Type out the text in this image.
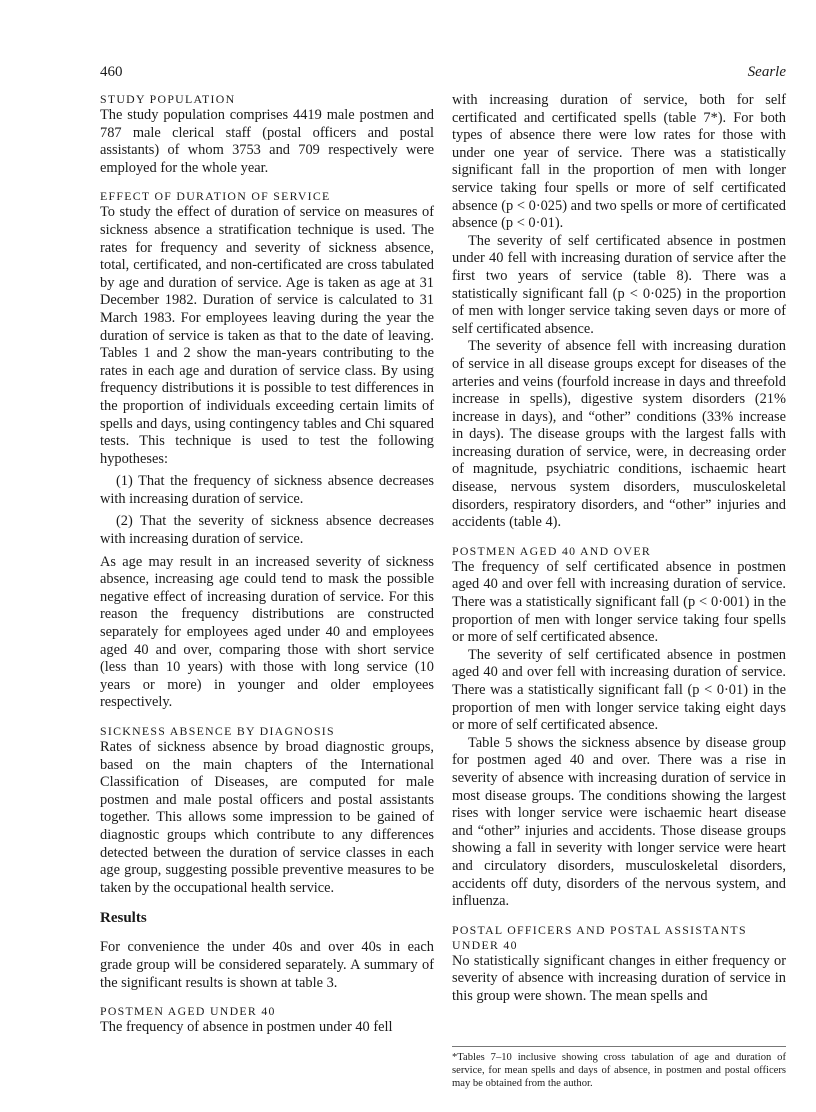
460	Searle
STUDY POPULATION

The study population comprises 4419 male postmen and 787 male clerical staff (postal officers and postal assistants) of whom 3753 and 709 respectively were employed for the whole year.

EFFECT OF DURATION OF SERVICE

To study the effect of duration of service on measures of sickness absence a stratification technique is used. The rates for frequency and severity of sickness absence, total, certificated, and non-certificated are cross tabulated by age and duration of service. Age is taken as age at 31 December 1982. Duration of service is calculated to 31 March 1983. For employees leaving during the year the duration of service is taken as that to the date of leaving. Tables 1 and 2 show the man-years contributing to the rates in each age and duration of service class. By using frequency distributions it is possible to test differences in the proportion of individuals exceeding certain limits of spells and days, using contingency tables and Chi squared tests. This technique is used to test the following hypotheses:

(1) That the frequency of sickness absence decreases with increasing duration of service.

(2) That the severity of sickness absence decreases with increasing duration of service.

As age may result in an increased severity of sickness absence, increasing age could tend to mask the possible negative effect of increasing duration of service. For this reason the frequency distributions are constructed separately for employees aged under 40 and employees aged 40 and over, comparing those with short service (less than 10 years) with those with long service (10 years or more) in younger and older employees respectively.

SICKNESS ABSENCE BY DIAGNOSIS

Rates of sickness absence by broad diagnostic groups, based on the main chapters of the International Classification of Diseases, are computed for male postmen and male postal officers and postal assistants together. This allows some impression to be gained of diagnostic groups which contribute to any differences detected between the duration of service classes in each age group, suggesting possible preventive measures to be taken by the occupational health service.

Results

For convenience the under 40s and over 40s in each grade group will be considered separately. A summary of the significant results is shown at table 3.

POSTMEN AGED UNDER 40

The frequency of absence in postmen under 40 fell

with increasing duration of service, both for self certificated and certificated spells (table 7*). For both types of absence there were low rates for those with under one year of service. There was a statistically significant fall in the proportion of men with longer service taking four spells or more of self certificated absence (p < 0·025) and two spells or more of certificated absence (p < 0·01).

The severity of self certificated absence in postmen under 40 fell with increasing duration of service after the first two years of service (table 8). There was a statistically significant fall (p < 0·025) in the proportion of men with longer service taking seven days or more of self certificated absence.

The severity of absence fell with increasing duration of service in all disease groups except for diseases of the arteries and veins (fourfold increase in days and threefold increase in spells), digestive system disorders (21% increase in days), and “other” conditions (33% increase in days). The disease groups with the largest falls with increasing duration of service, were, in decreasing order of magnitude, psychiatric conditions, ischaemic heart disease, nervous system disorders, musculoskeletal disorders, respiratory disorders, and “other” injuries and accidents (table 4).

POSTMEN AGED 40 AND OVER

The frequency of self certificated absence in postmen aged 40 and over fell with increasing duration of service. There was a statistically significant fall (p < 0·001) in the proportion of men with longer service taking four spells or more of self certificated absence.

The severity of self certificated absence in postmen aged 40 and over fell with increasing duration of service. There was a statistically significant fall (p < 0·01) in the proportion of men with longer service taking eight days or more of self certificated absence.

Table 5 shows the sickness absence by disease group for postmen aged 40 and over. There was a rise in severity of absence with increasing duration of service in most disease groups. The conditions showing the largest rises with longer service were ischaemic heart disease and “other” injuries and accidents. Those disease groups showing a fall in severity with longer service were heart and circulatory disorders, musculoskeletal disorders, accidents off duty, disorders of the nervous system, and influenza.

POSTAL OFFICERS AND POSTAL ASSISTANTS UNDER 40

No statistically significant changes in either frequency or severity of absence with increasing duration of service in this group were shown. The mean spells and

*Tables 7–10 inclusive showing cross tabulation of age and duration of service, for mean spells and days of absence, in postmen and postal officers may be obtained from the author.
